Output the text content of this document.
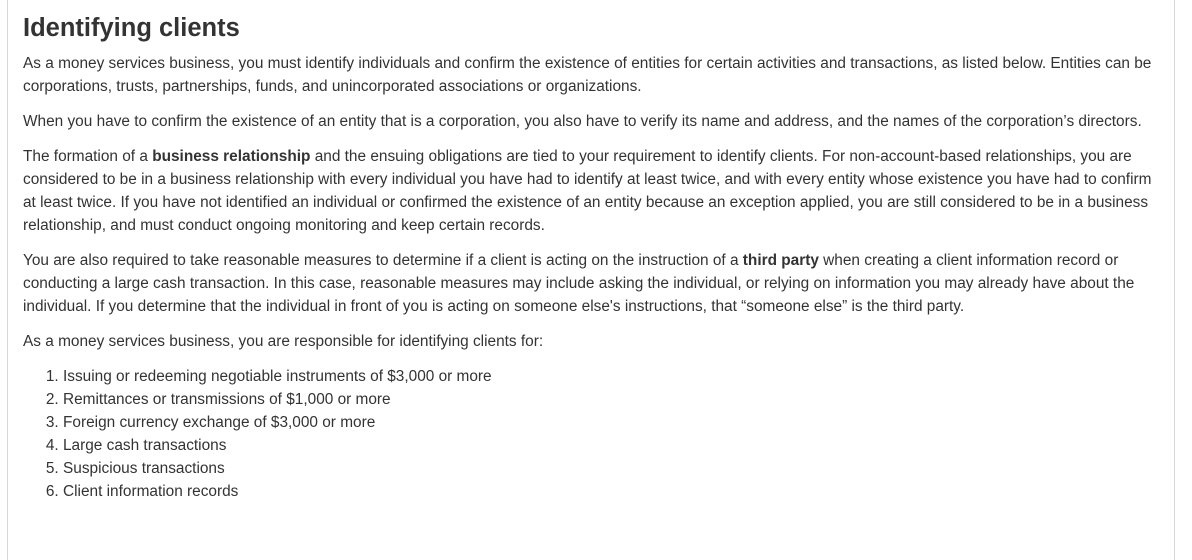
Identifying clients

As a money services business, you must identify individuals and confirm the existence of entities for certain activities and transactions, as listed below. Entities can be corporations, trusts, partnerships, funds, and unincorporated associations or organizations.

When you have to confirm the existence of an entity that is a corporation, you also have to verify its name and address, and the names of the corporation’s directors.

The formation of a business relationship and the ensuing obligations are tied to your requirement to identify clients. For non-account-based relationships, you are considered to be in a business relationship with every individual you have had to identify at least twice, and with every entity whose existence you have had to confirm at least twice. If you have not identified an individual or confirmed the existence of an entity because an exception applied, you are still considered to be in a business relationship, and must conduct ongoing monitoring and keep certain records.

You are also required to take reasonable measures to determine if a client is acting on the instruction of a third party when creating a client information record or conducting a large cash transaction. In this case, reasonable measures may include asking the individual, or relying on information you may already have about the individual. If you determine that the individual in front of you is acting on someone else's instructions, that “someone else” is the third party.

As a money services business, you are responsible for identifying clients for:

1. Issuing or redeeming negotiable instruments of $3,000 or more
2. Remittances or transmissions of $1,000 or more
3. Foreign currency exchange of $3,000 or more
4. Large cash transactions
5. Suspicious transactions
6. Client information records
